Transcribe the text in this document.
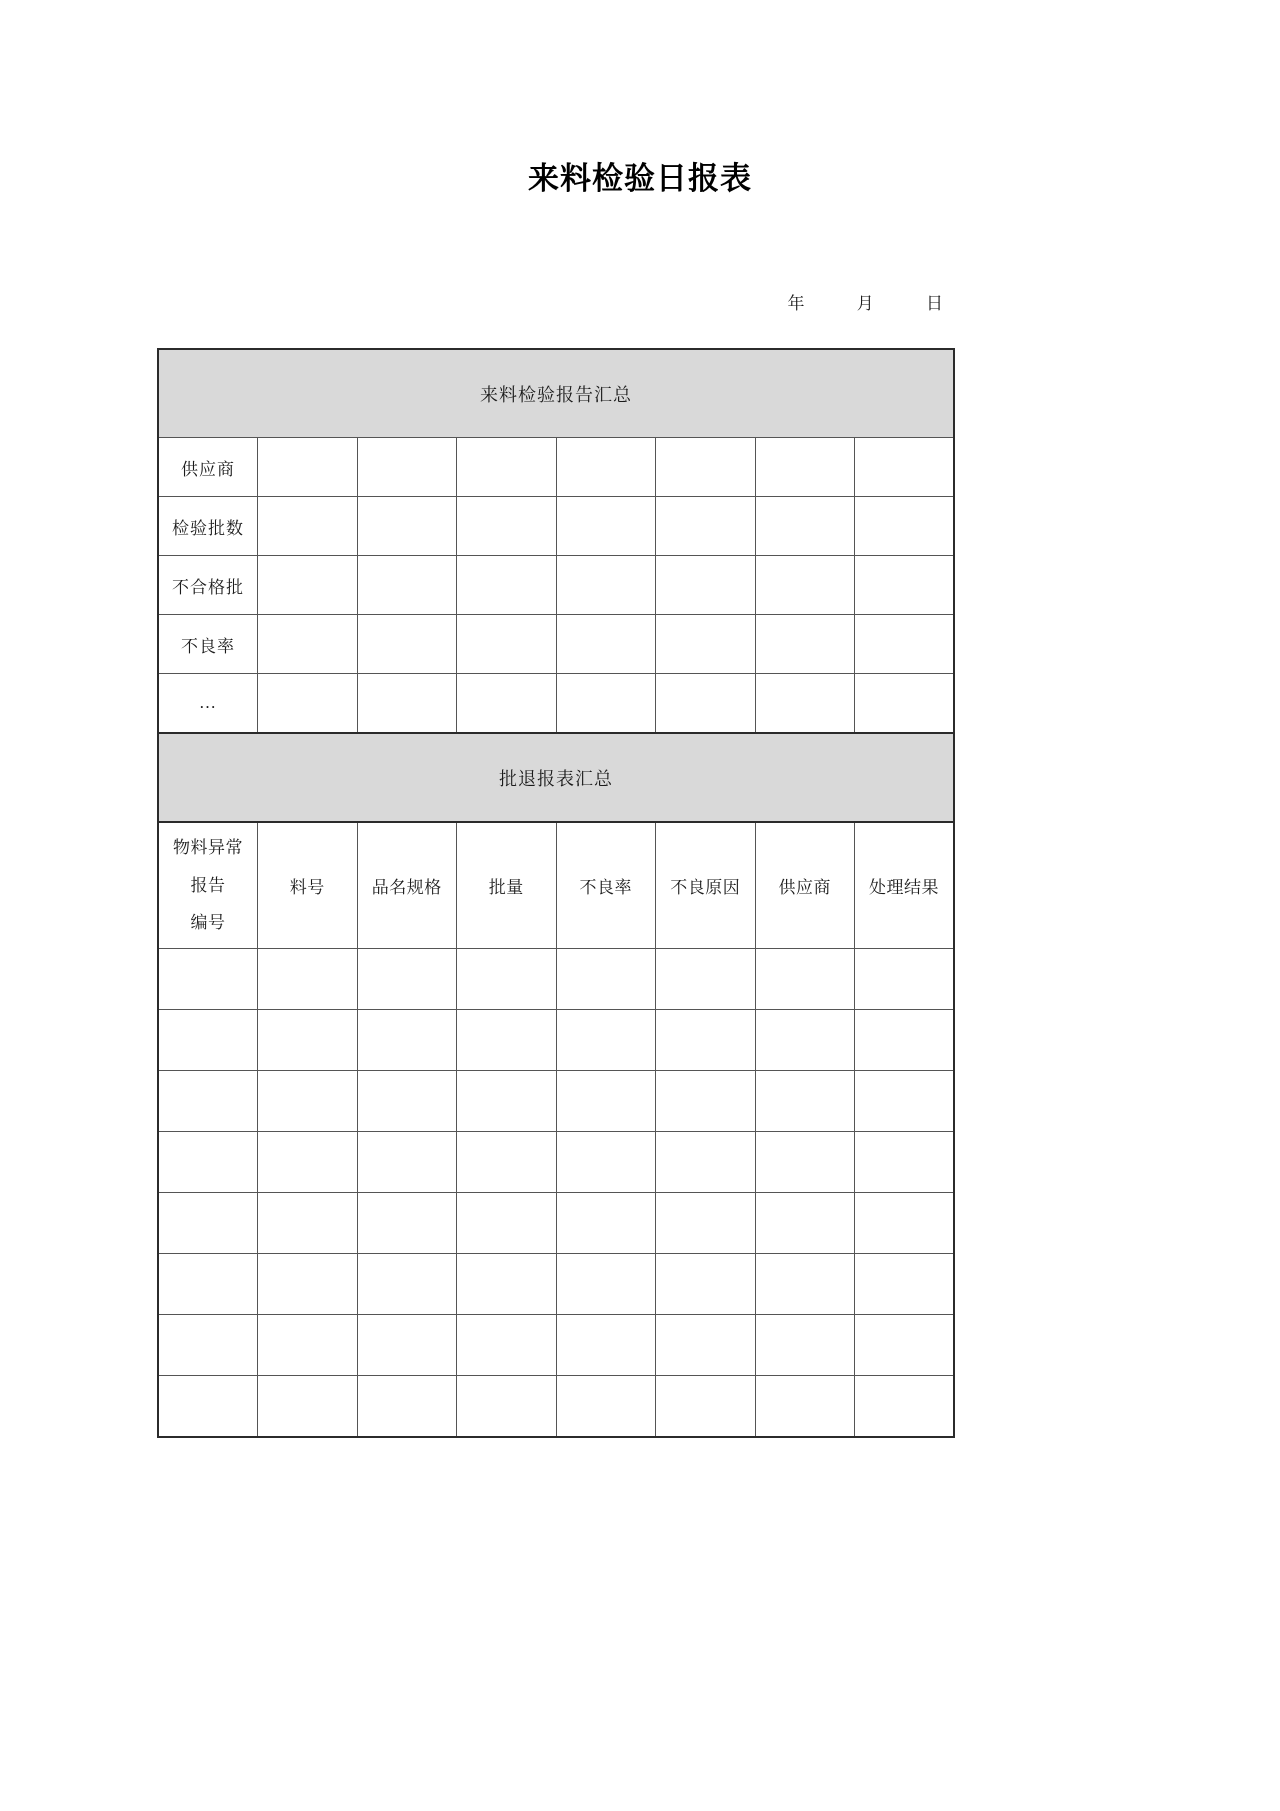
来料检验日报表
年	月	日
来料检验报告汇总							
供应商							
检验批数							
不合格批							
不良率							
…							
批退报表汇总							

物料异常报告
编号	料号	品名规格	批量	不良率	不良原因	供应商	处理结果
